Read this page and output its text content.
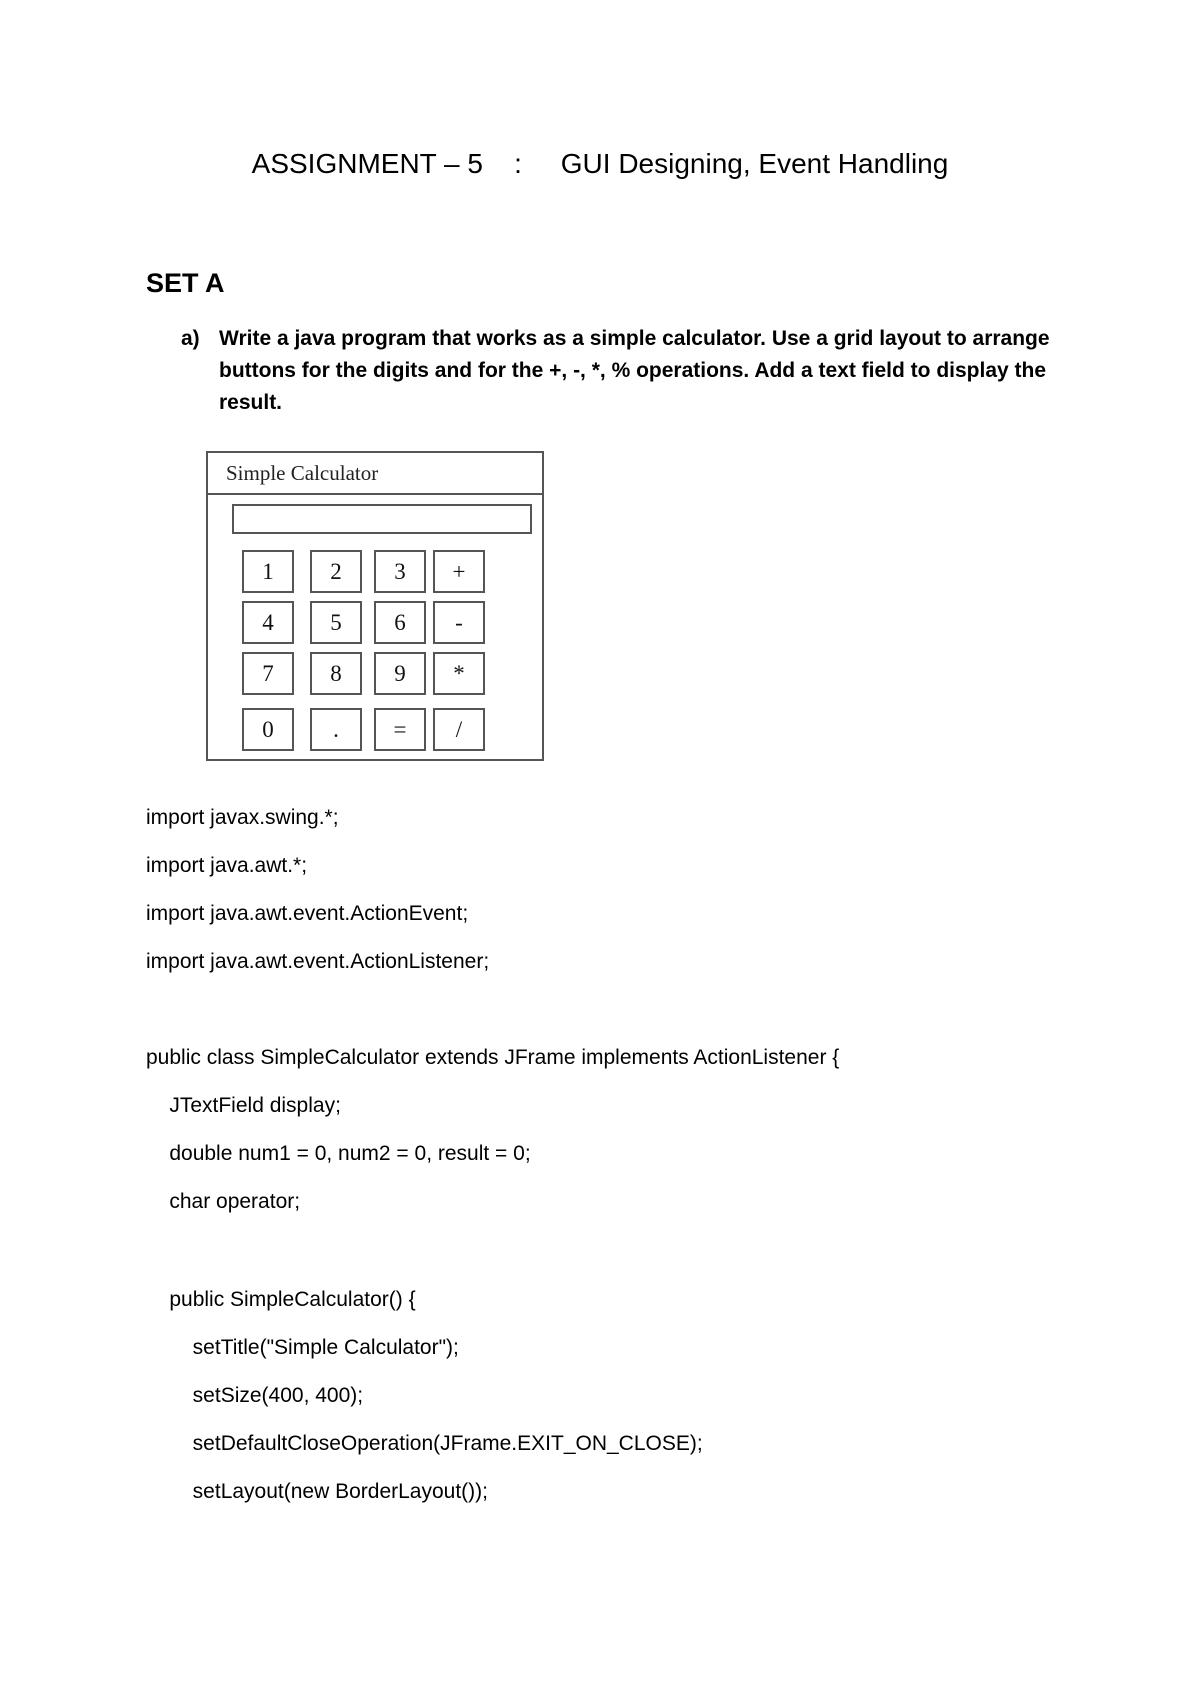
ASSIGNMENT – 5    :     GUI Designing, Event Handling
SET A
a) Write a java program that works as a simple calculator. Use a grid layout to arrange buttons for the digits and for the +, -, *, % operations. Add a text field to display the result.
Simple Calculator
1	2	3	+
4	5	6	-
7	8	9	*
0	.	=	/
import javax.swing.*;
import java.awt.*;
import java.awt.event.ActionEvent;
import java.awt.event.ActionListener;
public class SimpleCalculator extends JFrame implements ActionListener {
JTextField display;
double num1 = 0, num2 = 0, result = 0;
char operator;
public SimpleCalculator() {
setTitle("Simple Calculator");
setSize(400, 400);
setDefaultCloseOperation(JFrame.EXIT_ON_CLOSE);
setLayout(new BorderLayout());
